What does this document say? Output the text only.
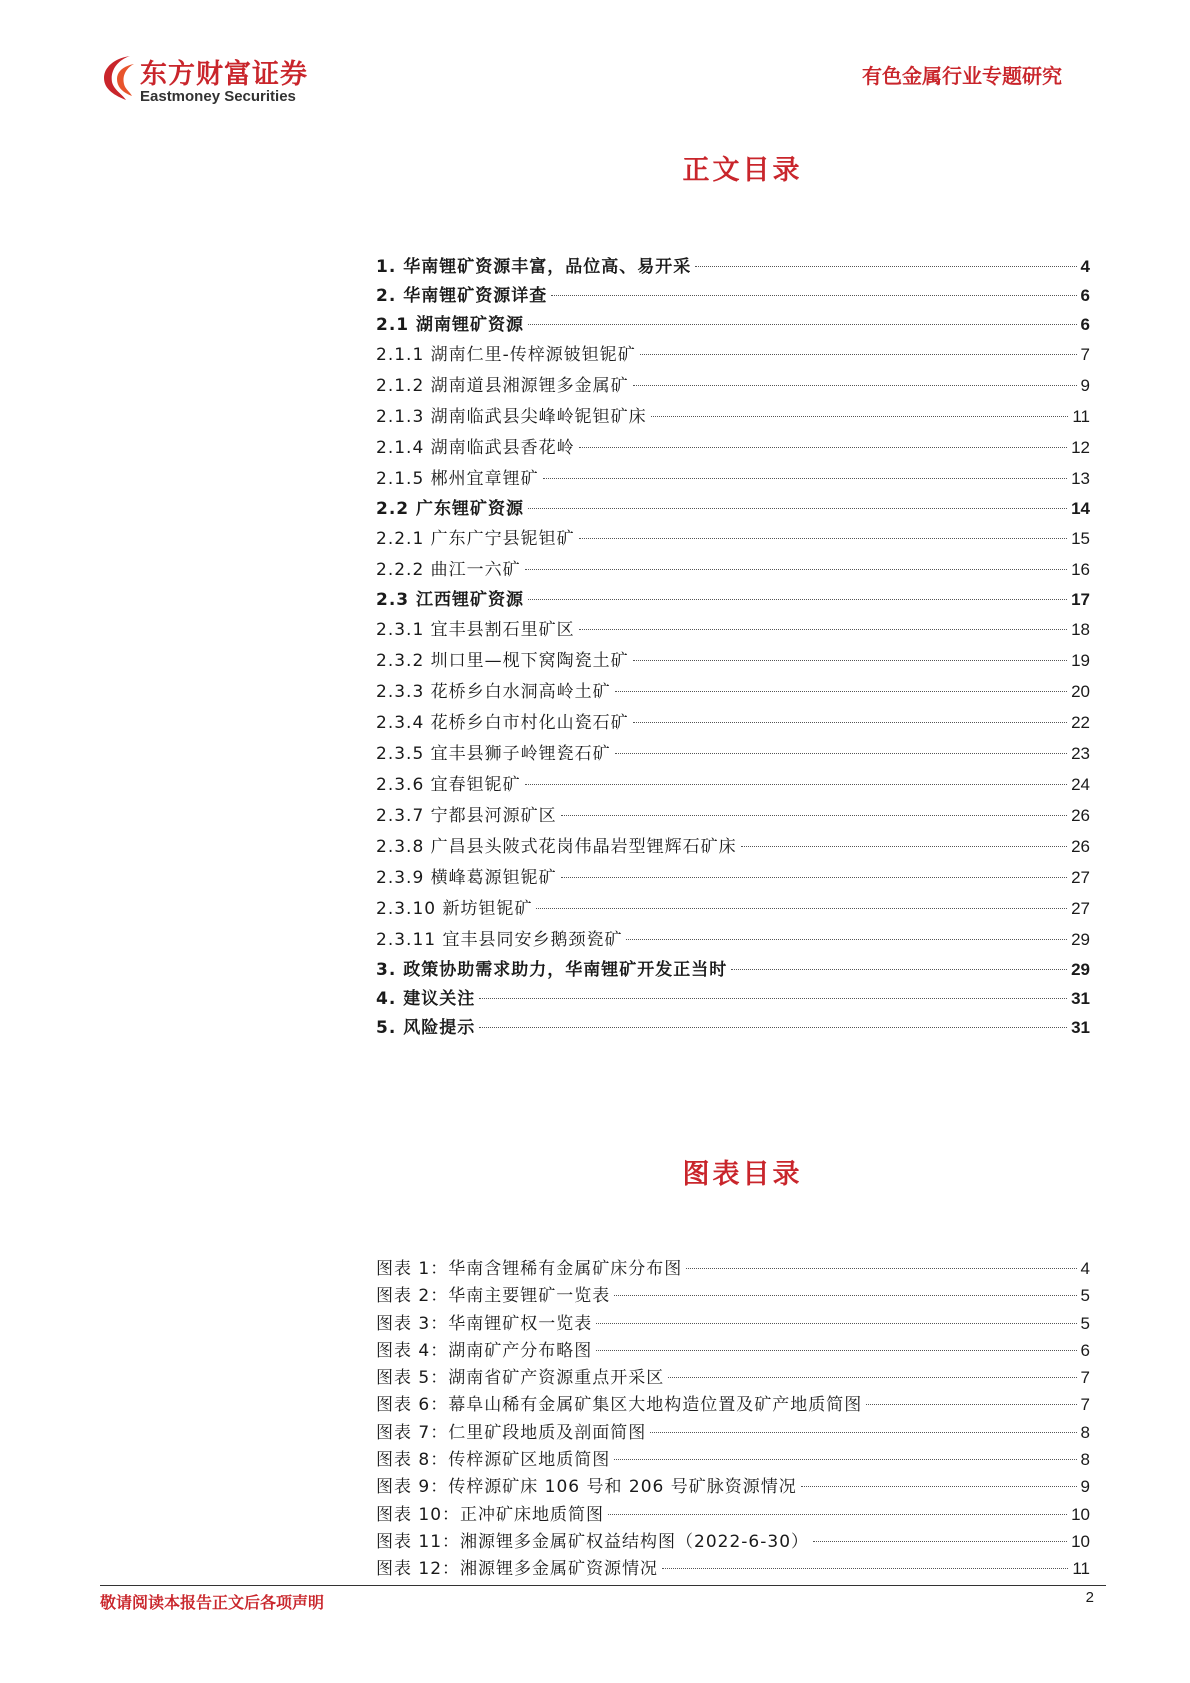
东方财富证券
Eastmoney Securities
有色金属行业专题研究
正文目录
1. 华南锂矿资源丰富，品位高、易开采	4
2. 华南锂矿资源详查	6
2.1 湖南锂矿资源	6
2.1.1 湖南仁里-传梓源铍钽铌矿	7
2.1.2 湖南道县湘源锂多金属矿	9
2.1.3 湖南临武县尖峰岭铌钽矿床	11
2.1.4 湖南临武县香花岭	12
2.1.5 郴州宜章锂矿	13
2.2 广东锂矿资源	14
2.2.1 广东广宁县铌钽矿	15
2.2.2 曲江一六矿	16
2.3 江西锂矿资源	17
2.3.1 宜丰县割石里矿区	18
2.3.2 圳口里—枧下窝陶瓷土矿	19
2.3.3 花桥乡白水洞高岭土矿	20
2.3.4 花桥乡白市村化山瓷石矿	22
2.3.5 宜丰县狮子岭锂瓷石矿	23
2.3.6 宜春钽铌矿	24
2.3.7 宁都县河源矿区	26
2.3.8 广昌县头陂式花岗伟晶岩型锂辉石矿床	26
2.3.9 横峰葛源钽铌矿	27
2.3.10 新坊钽铌矿	27
2.3.11 宜丰县同安乡鹅颈瓷矿	29
3. 政策协助需求助力，华南锂矿开发正当时	29
4. 建议关注	31
5. 风险提示	31
图表目录
图表 1：华南含锂稀有金属矿床分布图	4
图表 2：华南主要锂矿一览表	5
图表 3：华南锂矿权一览表	5
图表 4：湖南矿产分布略图	6
图表 5：湖南省矿产资源重点开采区	7
图表 6：幕阜山稀有金属矿集区大地构造位置及矿产地质简图	7
图表 7：仁里矿段地质及剖面简图	8
图表 8：传梓源矿区地质简图	8
图表 9：传梓源矿床 106 号和 206 号矿脉资源情况	9
图表 10：正冲矿床地质简图	10
图表 11：湘源锂多金属矿权益结构图（2022-6-30）	10
图表 12：湘源锂多金属矿资源情况	11
敬请阅读本报告正文后各项声明	2
